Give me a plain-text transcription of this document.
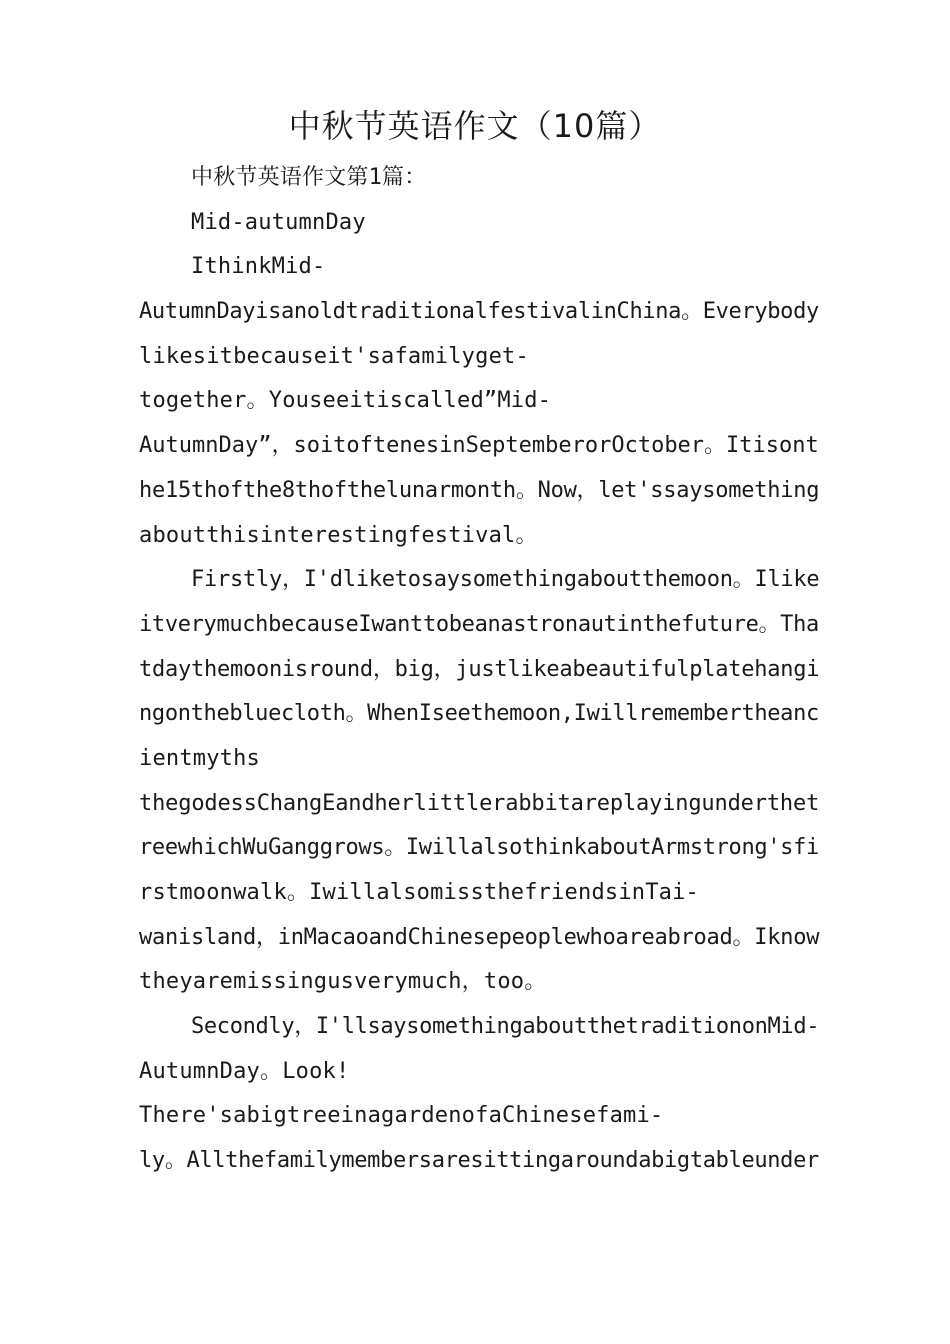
中秋节英语作文（10篇）
中秋节英语作文第1篇：
Mid-autumnDay
IthinkMid-
AutumnDayisanoldtraditionalfestivalinChina。Everybody
likesitbecauseit'safamilyget-
together。Youseeitiscalled”Mid-
AutumnDay”，soitoftenesinSeptemberorOctober。Itisont
he15thofthe8thofthelunarmonth。Now，let'ssaysomething
aboutthisinterestingfestival。
Firstly，I'dliketosaysomethingaboutthemoon。Ilike
itverymuchbecauseIwanttobeanastronautinthefuture。Tha
tdaythemoonisround，big，justlikeabeautifulplatehangi
ngonthebluecloth。WhenIseethemoon,Iwillremembertheanc
ientmyths
thegodessChangEandherlittlerabbitareplayingunderthet
reewhichWuGanggrows。IwillalsothinkaboutArmstrong'sfi
rstmoonwalk。IwillalsomissthefriendsinTai-
wanisland，inMacaoandChinesepeoplewhoareabroad。Iknow
theyaremissingusverymuch，too。
Secondly，I'llsaysomethingaboutthetraditiononMid-
AutumnDay。Look!
There'sabigtreeinagardenofaChinesefami-
ly。Allthefamilymembersaresittingaroundabigtableunder
